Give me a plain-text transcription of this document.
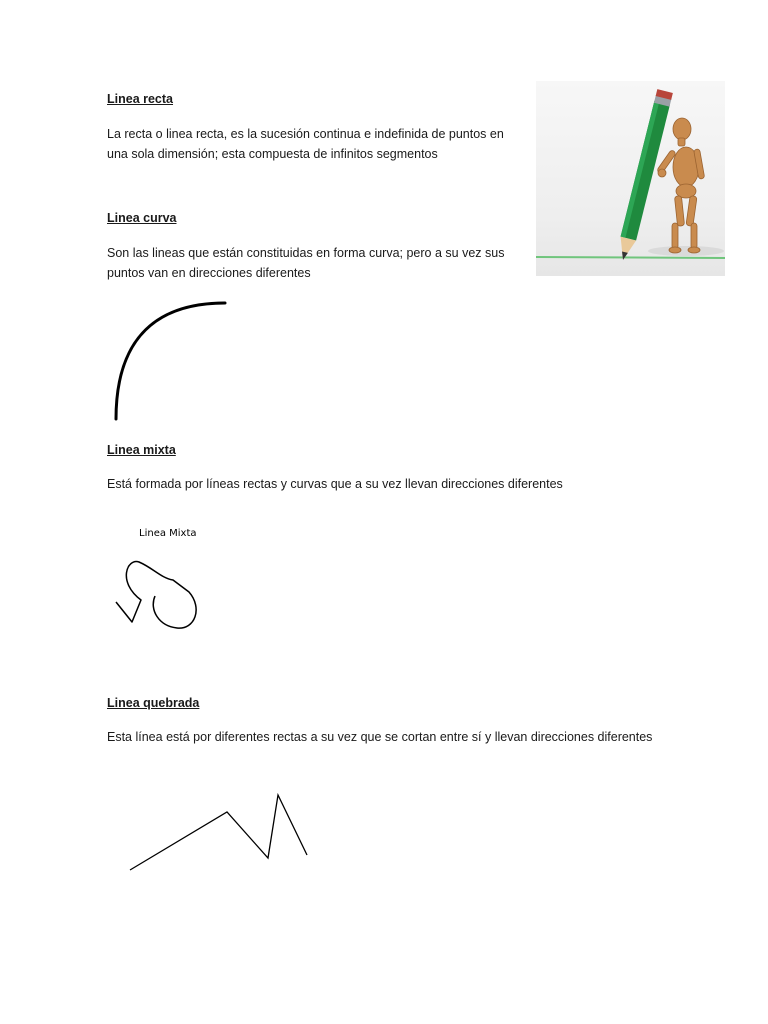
Linea recta

La recta o linea recta, es la sucesión continua e indefinida de puntos en
una sola dimensión; esta compuesta de infinitos segmentos

Linea curva

Son las lineas que están constituidas en forma curva; pero a su vez sus
puntos van en direcciones diferentes

Linea mixta

Está formada por líneas rectas y curvas que a su vez llevan direcciones diferentes

Linea Mixta
Linea quebrada

Esta línea está por diferentes rectas a su vez que se cortan entre sí y llevan direcciones diferentes
